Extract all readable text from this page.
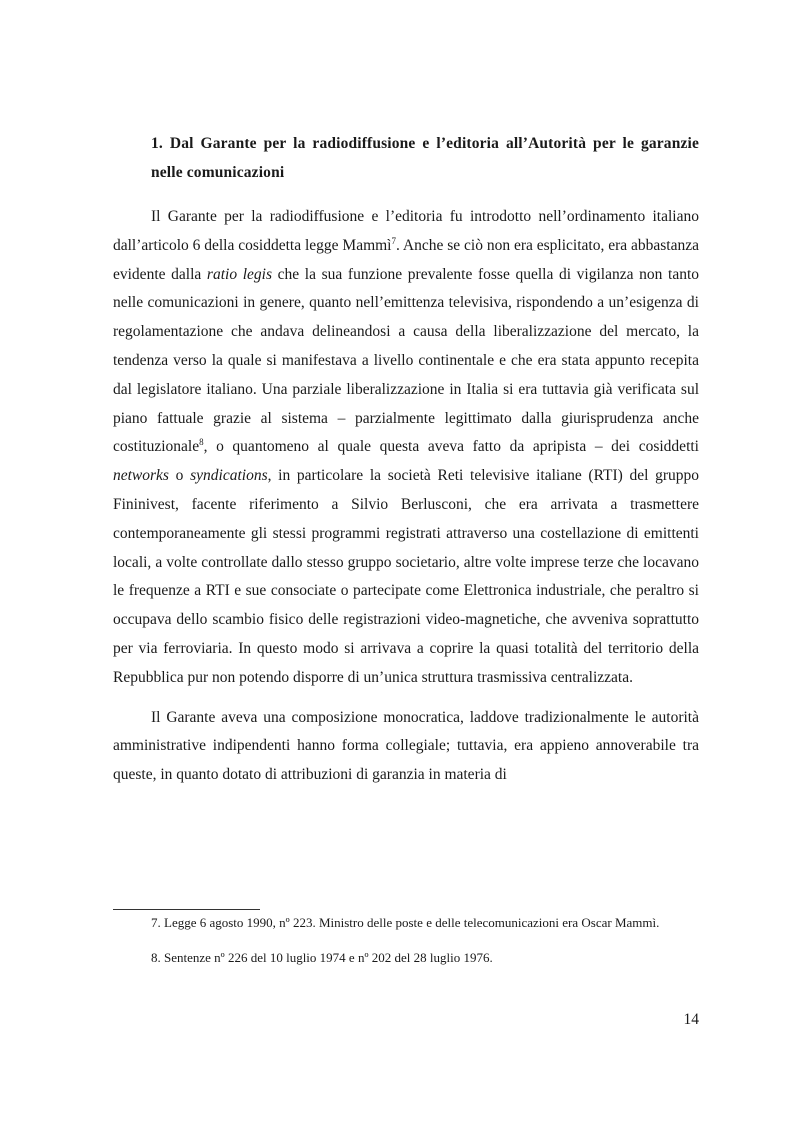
1. Dal Garante per la radiodiffusione e l’editoria all’Autorità per le garanzie nelle comunicazioni

Il Garante per la radiodiffusione e l’editoria fu introdotto nell’ordinamento italiano dall’articolo 6 della cosiddetta legge Mammì$^7$. Anche se ciò non era esplicitato, era abbastanza evidente dalla ratio legis che la sua funzione prevalente fosse quella di vigilanza non tanto nelle comunicazioni in genere, quanto nell’emittenza televisiva, rispondendo a un’esigenza di regolamentazione che andava delineandosi a causa della liberalizzazione del mercato, la tendenza verso la quale si manifestava a livello continentale e che era stata appunto recepita dal legislatore italiano. Una parziale liberalizzazione in Italia si era tuttavia già verificata sul piano fattuale grazie al sistema – parzialmente legittimato dalla giurisprudenza anche costituzionale$^8$, o quantomeno al quale questa aveva fatto da apripista – dei cosiddetti networks o syndications, in particolare la società Reti televisive italiane (RTI) del gruppo Fininivest, facente riferimento a Silvio Berlusconi, che era arrivata a trasmettere contemporaneamente gli stessi programmi registrati attraverso una costellazione di emittenti locali, a volte controllate dallo stesso gruppo societario, altre volte imprese terze che locavano le frequenze a RTI e sue consociate o partecipate come Elettronica industriale, che peraltro si occupava dello scambio fisico delle registrazioni video-magnetiche, che avveniva soprattutto per via ferroviaria. In questo modo si arrivava a coprire la quasi totalità del territorio della Repubblica pur non potendo disporre di un’unica struttura trasmissiva centralizzata.

Il Garante aveva una composizione monocratica, laddove tradizionalmente le autorità amministrative indipendenti hanno forma collegiale; tuttavia, era appieno annoverabile tra queste, in quanto dotato di attribuzioni di garanzia in materia di

7. Legge 6 agosto 1990, nº 223. Ministro delle poste e delle telecomunicazioni era Oscar Mammì.

8. Sentenze nº 226 del 10 luglio 1974 e nº 202 del 28 luglio 1976.

14
